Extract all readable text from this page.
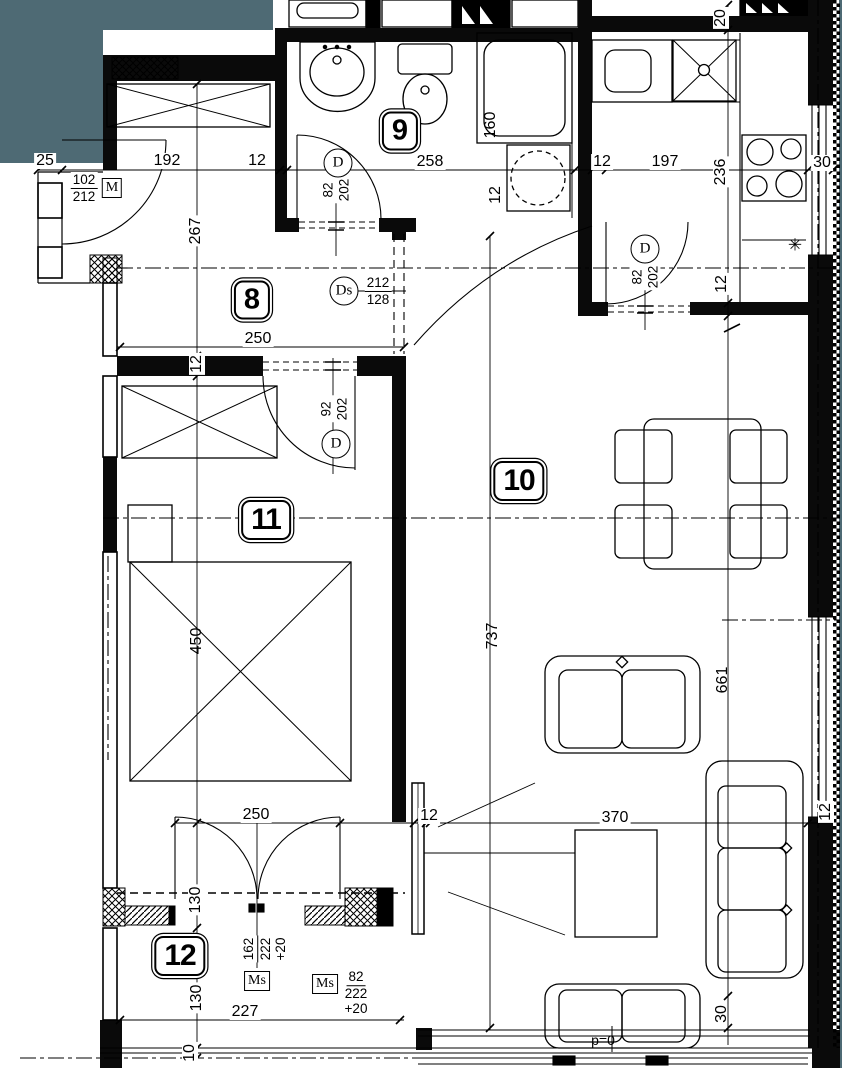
25	192	12
$\frac{102}{212}$ M
267
8	Ds $\frac{212}{128}$
250
12
9
D
82 202
258
160
12
20
12	197 236	30
D
82 202	12
✳
92 202
D
11
450
10
737
661
12
250	370	12
30
p=0
130
12	162 222 +20
Ms	Ms 82
222
+20
130
227
10
